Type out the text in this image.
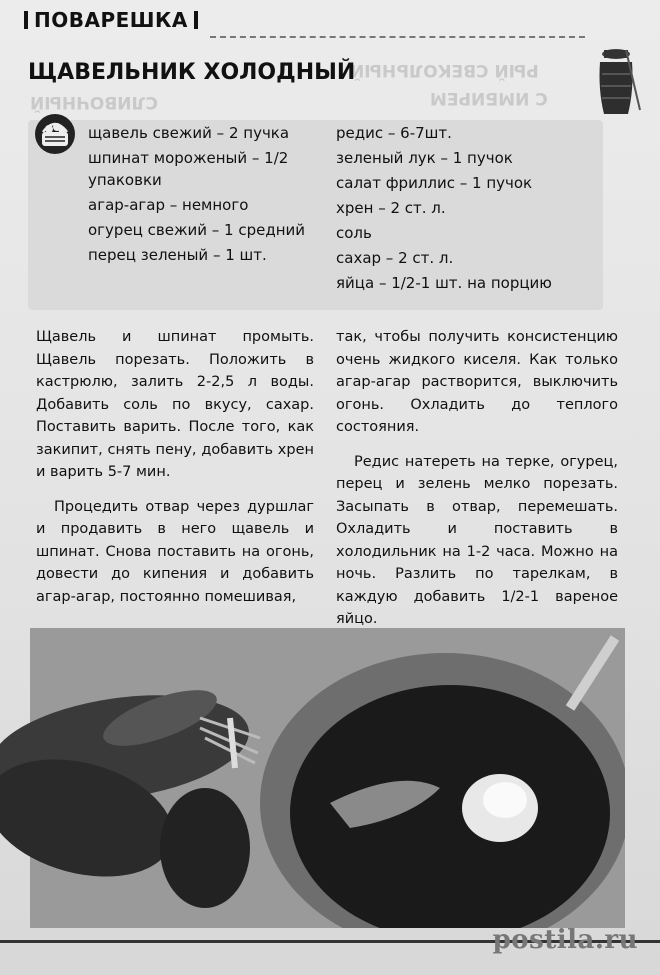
ПОВАРЕШКА
РЫЙ СВЕКОЛЬНЫЙ
С ИМБИРЕМ
СЛИВОЧНЫЙ
ЩАВЕЛЬНИК ХОЛОДНЫЙ
щавель свежий – 2 пучка
шпинат мороженый – 1/2 упаковки
агар-агар – немного
огурец свежий – 1 средний
перец зеленый – 1 шт.
редис – 6-7шт.
зеленый лук – 1 пучок
салат фриллис – 1 пучок
хрен – 2 ст. л.
соль
сахар – 2 ст. л.
яйца – 1/2-1 шт. на порцию

Щавель и шпинат промыть. Щавель порезать. Положить в кастрюлю, залить 2-2,5 л воды. Добавить соль по вкусу, сахар. Поставить варить. После того, как закипит, снять пену, добавить хрен и варить 5-7 мин.

Процедить отвар через дуршлаг и продавить в него щавель и шпинат. Снова поставить на огонь, довести до кипения и добавить агар-агар, постоянно помешивая,

так, чтобы получить консистенцию очень жидкого киселя. Как только агар-агар растворится, выключить огонь. Охладить до теплого состояния.

Редис натереть на терке, огурец, перец и зелень мелко порезать. Засыпать в отвар, перемешать. Охладить и поставить в холодильник на 1-2 часа. Можно на ночь. Разлить по тарелкам, в каждую добавить 1/2-1 вареное яйцо.

postila.ru
